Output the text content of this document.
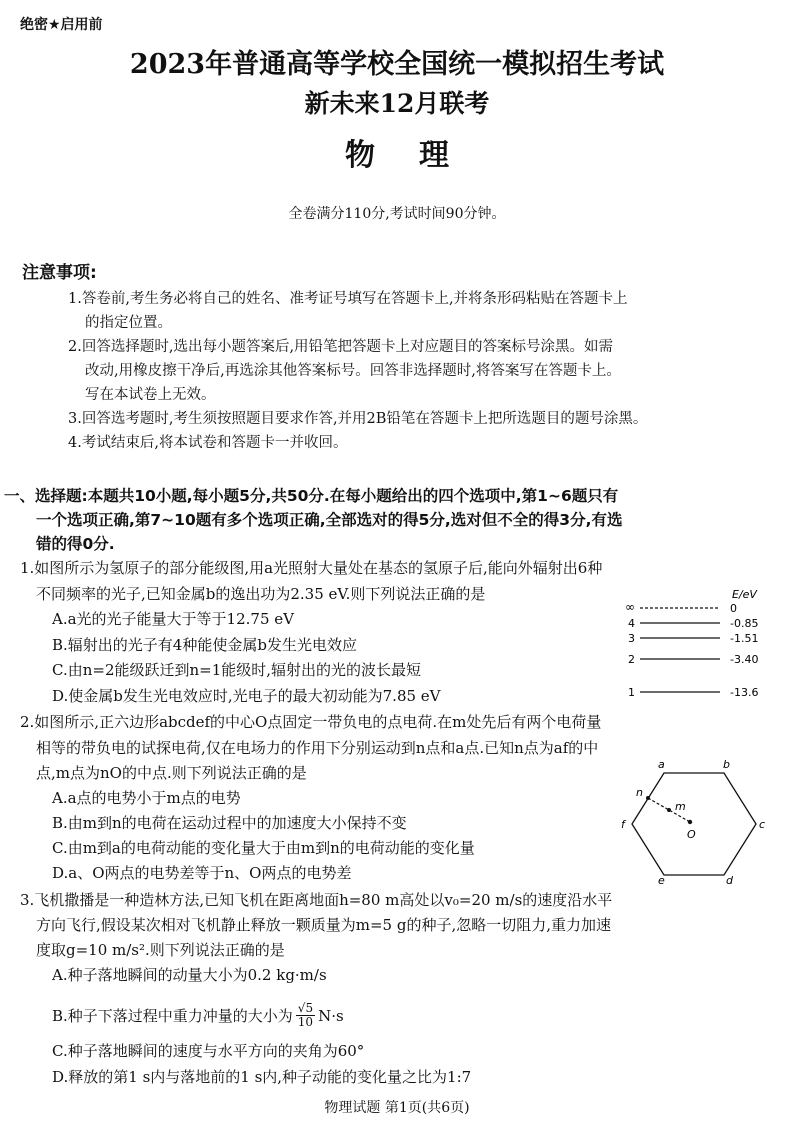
绝密★启用前
2023年普通高等学校全国统一模拟招生考试
新未来12月联考
物理
全卷满分110分,考试时间90分钟。
注意事项:
1.答卷前,考生务必将自己的姓名、准考证号填写在答题卡上,并将条形码粘贴在答题卡上
的指定位置。
2.回答选择题时,选出每小题答案后,用铅笔把答题卡上对应题目的答案标号涂黑。如需
改动,用橡皮擦干净后,再选涂其他答案标号。回答非选择题时,将答案写在答题卡上。
写在本试卷上无效。
3.回答选考题时,考生须按照题目要求作答,并用2B铅笔在答题卡上把所选题目的题号涂黑。
4.考试结束后,将本试卷和答题卡一并收回。
一、选择题:本题共10小题,每小题5分,共50分.在每小题给出的四个选项中,第1~6题只有
一个选项正确,第7~10题有多个选项正确,全部选对的得5分,选对但不全的得3分,有选
错的得0分.
1.如图所示为氢原子的部分能级图,用a光照射大量处在基态的氢原子后,能向外辐射出6种
不同频率的光子,已知金属b的逸出功为2.35 eV.则下列说法正确的是
A.a光的光子能量大于等于12.75 eV
B.辐射出的光子有4种能使金属b发生光电效应
C.由n=2能级跃迁到n=1能级时,辐射出的光的波长最短
D.使金属b发生光电效应时,光电子的最大初动能为7.85 eV
E/eV
∞	0
4	-0.85
3	-1.51
2	-3.40
1	-13.6
2.如图所示,正六边形abcdef的中心O点固定一带负电的点电荷.在m处先后有两个电荷量
相等的带负电的试探电荷,仅在电场力的作用下分别运动到n点和a点.已知n点为af的中
点,m点为nO的中点.则下列说法正确的是
A.a点的电势小于m点的电势
B.由m到n的电荷在运动过程中的加速度大小保持不变
C.由m到a的电荷动能的变化量大于由m到n的电荷动能的变化量
D.a、O两点的电势差等于n、O两点的电势差
a	b
c
d
e
f
n
m
O
3.飞机撒播是一种造林方法,已知飞机在距离地面h=80 m高处以v₀=20 m/s的速度沿水平
方向飞行,假设某次相对飞机静止释放一颗质量为m=5 g的种子,忽略一切阻力,重力加速
度取g=10 m/s².则下列说法正确的是
A.种子落地瞬间的动量大小为0.2 kg·m/s
B.种子下落过程中重力冲量的大小为 $\frac{√5}{10} N\cdot s$
C.种子落地瞬间的速度与水平方向的夹角为60°
D.释放的第1 s内与落地前的1 s内,种子动能的变化量之比为1:7
物理试题 第1页(共6页)
